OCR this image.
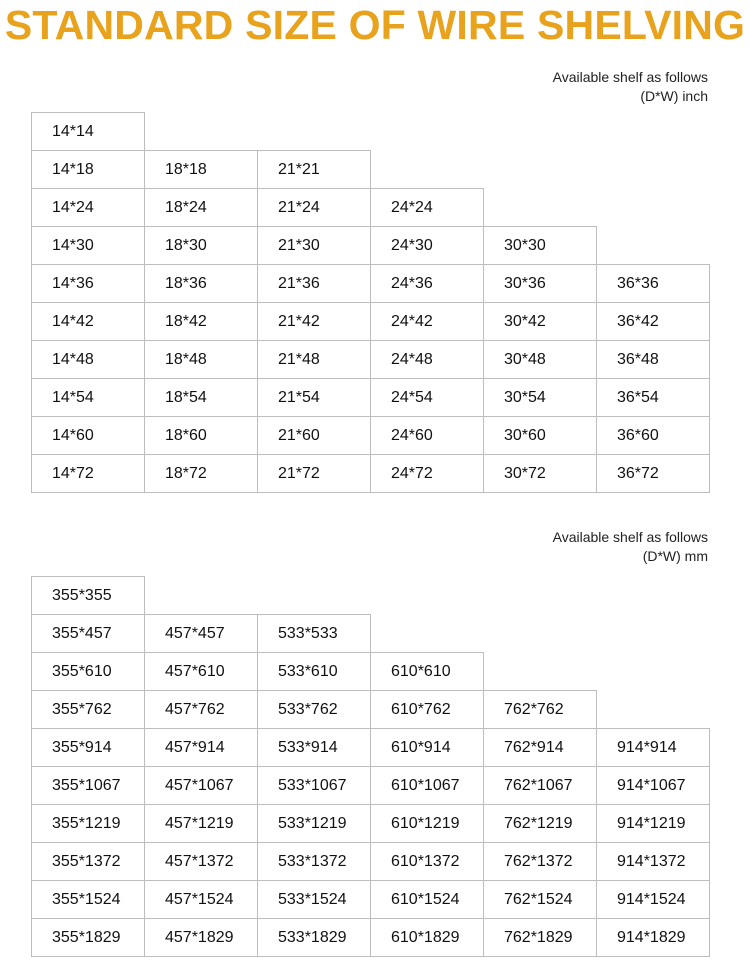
STANDARD SIZE OF WIRE SHELVING
Available shelf as follows
(D*W) inch
14*14
14*18	18*18	21*21
14*24	18*24	21*24	24*24
14*30	18*30	21*30	24*30	30*30
14*36	18*36	21*36	24*36	30*36	36*36
14*42	18*42	21*42	24*42	30*42	36*42
14*48	18*48	21*48	24*48	30*48	36*48
14*54	18*54	21*54	24*54	30*54	36*54
14*60	18*60	21*60	24*60	30*60	36*60
14*72	18*72	21*72	24*72	30*72	36*72
Available shelf as follows
(D*W) mm
355*355
355*457	457*457	533*533
355*610	457*610	533*610	610*610
355*762	457*762	533*762	610*762	762*762
355*914	457*914	533*914	610*914	762*914	914*914
355*1067	457*1067	533*1067	610*1067	762*1067	914*1067
355*1219	457*1219	533*1219	610*1219	762*1219	914*1219
355*1372	457*1372	533*1372	610*1372	762*1372	914*1372
355*1524	457*1524	533*1524	610*1524	762*1524	914*1524
355*1829	457*1829	533*1829	610*1829	762*1829	914*1829
